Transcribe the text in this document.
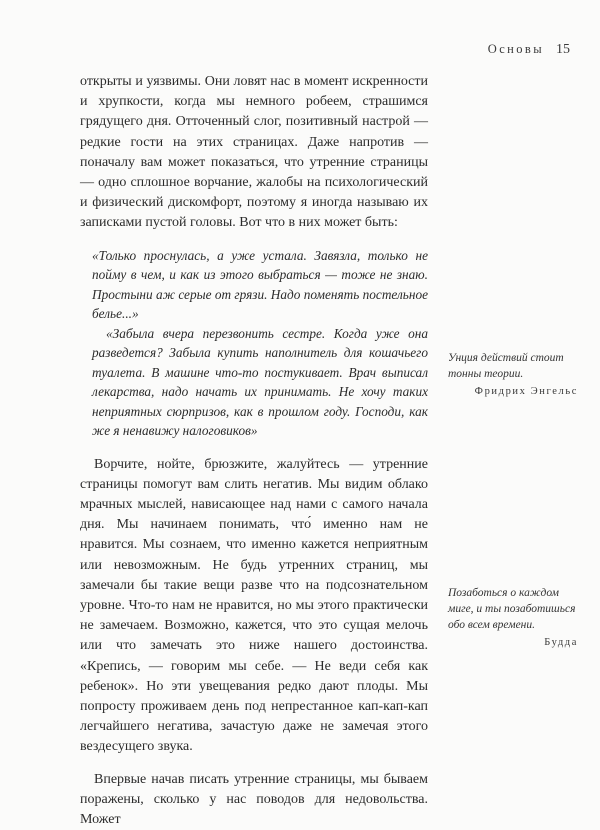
Основы 15

открыты и уязвимы. Они ловят нас в момент искренности и хрупкости, когда мы немного робеем, страшимся грядущего дня. Отточенный слог, позитивный настрой — редкие гости на этих страницах. Даже напротив — поначалу вам может показаться, что утренние страницы — одно сплошное ворчание, жалобы на психологический и физический дискомфорт, поэтому я иногда называю их записками пустой головы. Вот что в них может быть:

«Только проснулась, а уже устала. Завязла, только не пойму в чем, и как из этого выбраться — тоже не знаю. Простыни аж серые от грязи. Надо поменять постельное белье...»

«Забыла вчера перезвонить сестре. Когда уже она разведется? Забыла купить наполнитель для кошачьего туалета. В машине что-то постукивает. Врач выписал лекарства, надо начать их принимать. Не хочу таких неприятных сюрпризов, как в прошлом году. Господи, как же я ненавижу налоговиков»

Ворчите, нойте, брюзжите, жалуйтесь — утренние страницы помогут вам слить негатив. Мы видим облако мрачных мыслей, нависающее над нами с самого начала дня. Мы начинаем понимать, что́ именно нам не нравится. Мы сознаем, что именно кажется неприятным или невозможным. Не будь утренних страниц, мы замечали бы такие вещи разве что на подсознательном уровне. Что-то нам не нравится, но мы этого практически не замечаем. Возможно, кажется, что это сущая мелочь или что замечать это ниже нашего достоинства. «Крепись, — говорим мы себе. — Не веди себя как ребенок». Но эти увещевания редко дают плоды. Мы попросту проживаем день под непрестанное кап-кап-кап легчайшего негатива, зачастую даже не замечая этого вездесущего звука.

Впервые начав писать утренние страницы, мы бываем поражены, сколько у нас поводов для недовольства. Может

Унция действий стоит тонны теории.
Фридрих Энгельс
Позаботься о каждом миге, и ты позаботишься обо всем времени.
Будда
